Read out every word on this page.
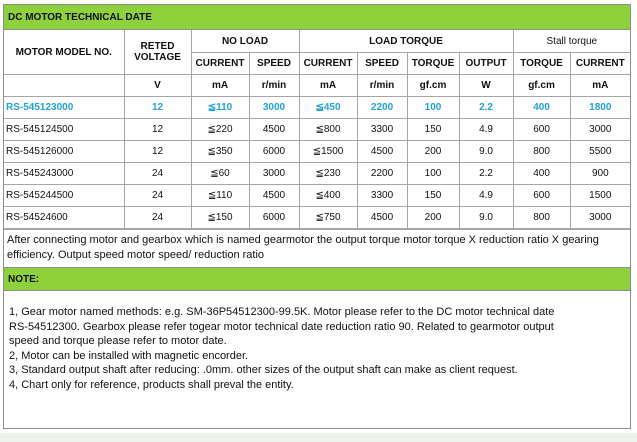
DC MOTOR TECHNICAL DATE
MOTOR MODEL NO.	RETED VOLTAGE	NO LOAD		LOAD TORQUE				Stall torque	
		CURRENT	SPEED	CURRENT	SPEED	TORQUE	OUTPUT	TORQUE	CURRENT
	V	mA	r/min	mA	r/min	gf.cm	W	gf.cm	mA
RS-545123000	12	≦110	3000	≦450	2200	100	2.2	400	1800
RS-545124500	12	≦220	4500	≦800	3300	150	4.9	600	3000
RS-545126000	12	≦350	6000	≦1500	4500	200	9.0	800	5500
RS-545243000	24	≦60	3000	≦230	2200	100	2.2	400	900
RS-545244500	24	≦110	4500	≦400	3300	150	4.9	600	1500
RS-54524600	24	≦150	6000	≦750	4500	200	9.0	800	3000
After connecting motor and gearbox which is named gearmotor the output torque motor torque X reduction ratio X gearing efficiency. Output speed motor speed/ reduction ratio
NOTE:
1, Gear motor named methods: e.g. SM-36P54512300-99.5K. Motor please refer to the DC motor technical date
RS-54512300. Gearbox please refer togear motor technical date reduction ratio 90. Related to gearmotor output
speed and torque please refer to motor date.
2, Motor can be installed with magnetic encorder.
3, Standard output shaft after reducing: .0mm. other sizes of the output shaft can make as client request.
4, Chart only for reference, products shall preval the entity.
